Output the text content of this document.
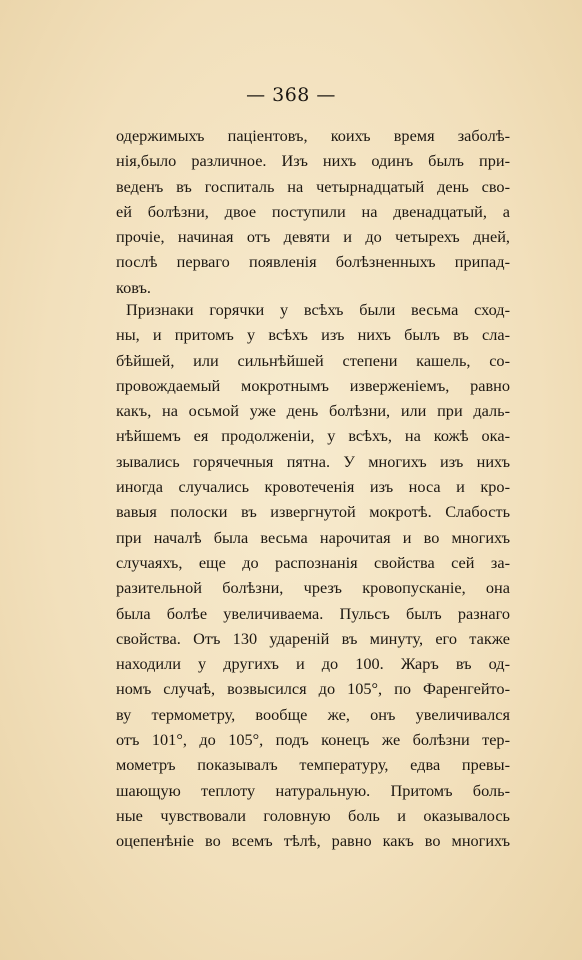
— 368 —
одержимыхъ паціентовъ, коихъ время заболѣ-
нія,было различное. Изъ нихъ одинъ былъ при-
веденъ въ госпиталь на четырнадцатый день сво-
ей болѣзни, двое поступили на двенадцатый, а
прочіе, начиная отъ девяти и до четырехъ дней,
послѣ перваго появленія болѣзненныхъ припад-
ковъ.
Признаки горячки у всѣхъ были весьма сход-
ны, и притомъ у всѣхъ изъ нихъ былъ въ сла-
бѣйшей, или сильнѣйшей степени кашель, со-
провождаемый мокротнымъ изверженіемъ, равно
какъ, на осьмой уже день болѣзни, или при даль-
нѣйшемъ ея продолженіи, у всѣхъ, на кожѣ ока-
зывались горячечныя пятна. У многихъ изъ нихъ
иногда случались кровотеченія изъ носа и кро-
вавыя полоски въ извергнутой мокротѣ. Слабость
при началѣ была весьма нарочитая и во многихъ
случаяхъ, еще до распознанія свойства сей за-
разительной болѣзни, чрезъ кровопусканіе, она
была болѣе увеличиваема. Пульсъ былъ разнаго
свойства. Отъ 130 ударенiй въ минуту, его также
находили у другихъ и до 100. Жаръ въ од-
номъ случаѣ, возвысился до 105°, по Фаренгейто-
ву термометру, вообще же, онъ увеличивался
отъ 101°, до 105°, подъ конецъ же болѣзни тер-
мометръ показывалъ температуру, едва превы-
шающую теплоту натуральную. Притомъ боль-
ные чувствовали головную боль и оказывалось
оцепенѣніе во всемъ тѣлѣ, равно какъ во многихъ
